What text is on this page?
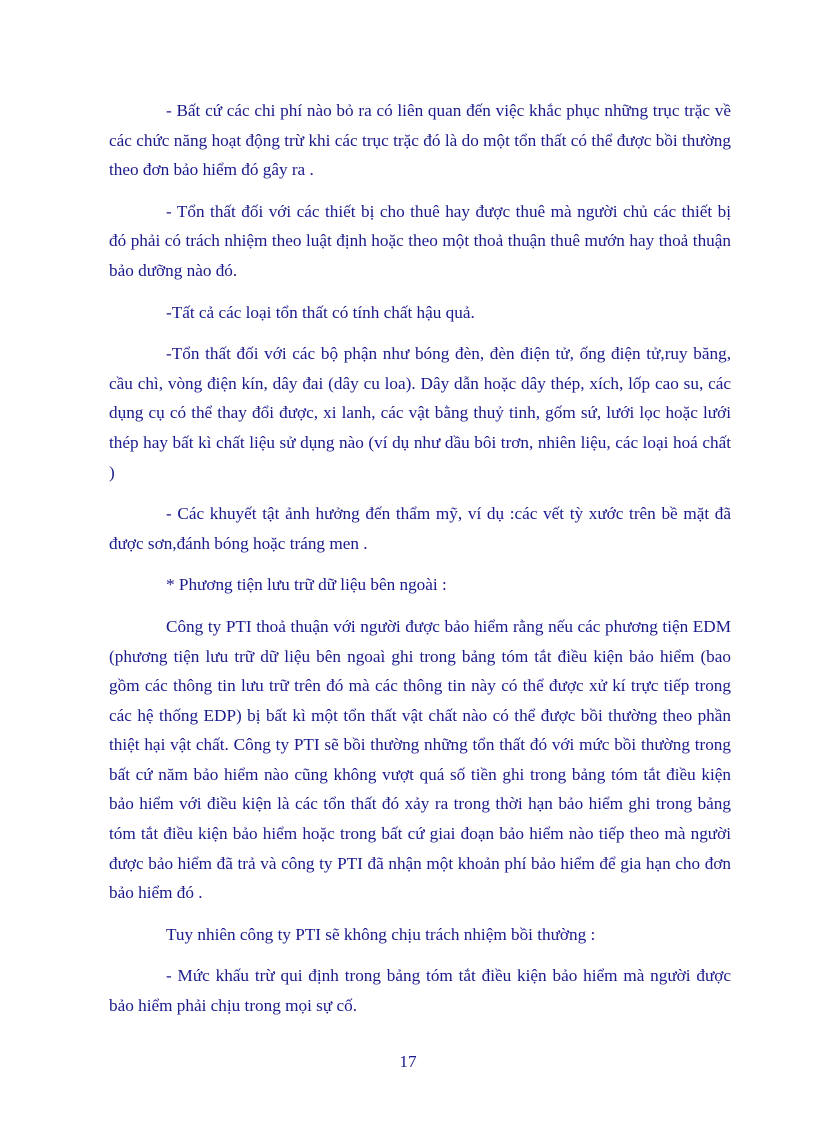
- Bất cứ các chi phí nào bỏ ra có liên quan đến việc khắc phục những trục trặc về các chức năng hoạt động trừ khi các trục trặc đó là do một tổn thất có thể được bồi thường theo đơn bảo hiểm đó gây ra .

- Tổn thất đối với các thiết bị cho thuê hay được thuê mà người chủ các thiết bị đó phải có trách nhiệm theo luật định hoặc theo một thoả thuận thuê mướn hay thoả thuận bảo dưỡng nào đó.

-Tất cả các loại tổn thất có tính chất hậu quả.

-Tổn thất đối với các bộ phận như bóng đèn, đèn điện tử, ống điện tử,ruy băng, cầu chì, vòng điện kín, dây đai (dây cu loa). Dây dẫn hoặc dây thép, xích, lốp cao su, các dụng cụ có thể thay đổi được, xi lanh, các vật bằng thuỷ tinh, gốm sứ, lưới lọc hoặc lưới thép hay bất kì chất liệu sử dụng nào (ví dụ như dầu bôi trơn, nhiên liệu, các loại hoá chất )

- Các khuyết tật ảnh hưởng đến thẩm mỹ, ví dụ :các vết tỳ xước trên bề mặt đã được sơn,đánh bóng hoặc tráng men .

* Phương tiện lưu trữ dữ liệu bên ngoài :

Công ty PTI thoả thuận với người được bảo hiểm rằng nếu các phương tiện EDM (phương tiện lưu trữ dữ liệu bên ngoaì ghi trong bảng tóm tắt điều kiện bảo hiểm (bao gồm các thông tin lưu trữ trên đó mà các thông tin này có thể được xử kí trực tiếp trong các hệ thống EDP) bị bất kì một tổn thất vật chất nào có thể được bồi thường theo phần thiệt hại vật chất. Công ty PTI sẽ bồi thường những tổn thất đó với mức bồi thường trong bất cứ năm bảo hiểm nào cũng không vượt quá số tiền ghi trong bảng tóm tắt điều kiện bảo hiểm với điều kiện là các tổn thất đó xảy ra trong thời hạn bảo hiểm ghi trong bảng tóm tắt điều kiện bảo hiểm hoặc trong bất cứ giai đoạn bảo hiểm nào tiếp theo mà người được bảo hiểm đã trả và công ty PTI đã nhận một khoản phí bảo hiểm để gia hạn cho đơn bảo hiểm đó .

Tuy nhiên công ty PTI sẽ không chịu trách nhiệm bồi thường :

- Mức khấu trừ qui định trong bảng tóm tắt điều kiện bảo hiểm mà người được bảo hiểm phải chịu trong mọi sự cố.

17
